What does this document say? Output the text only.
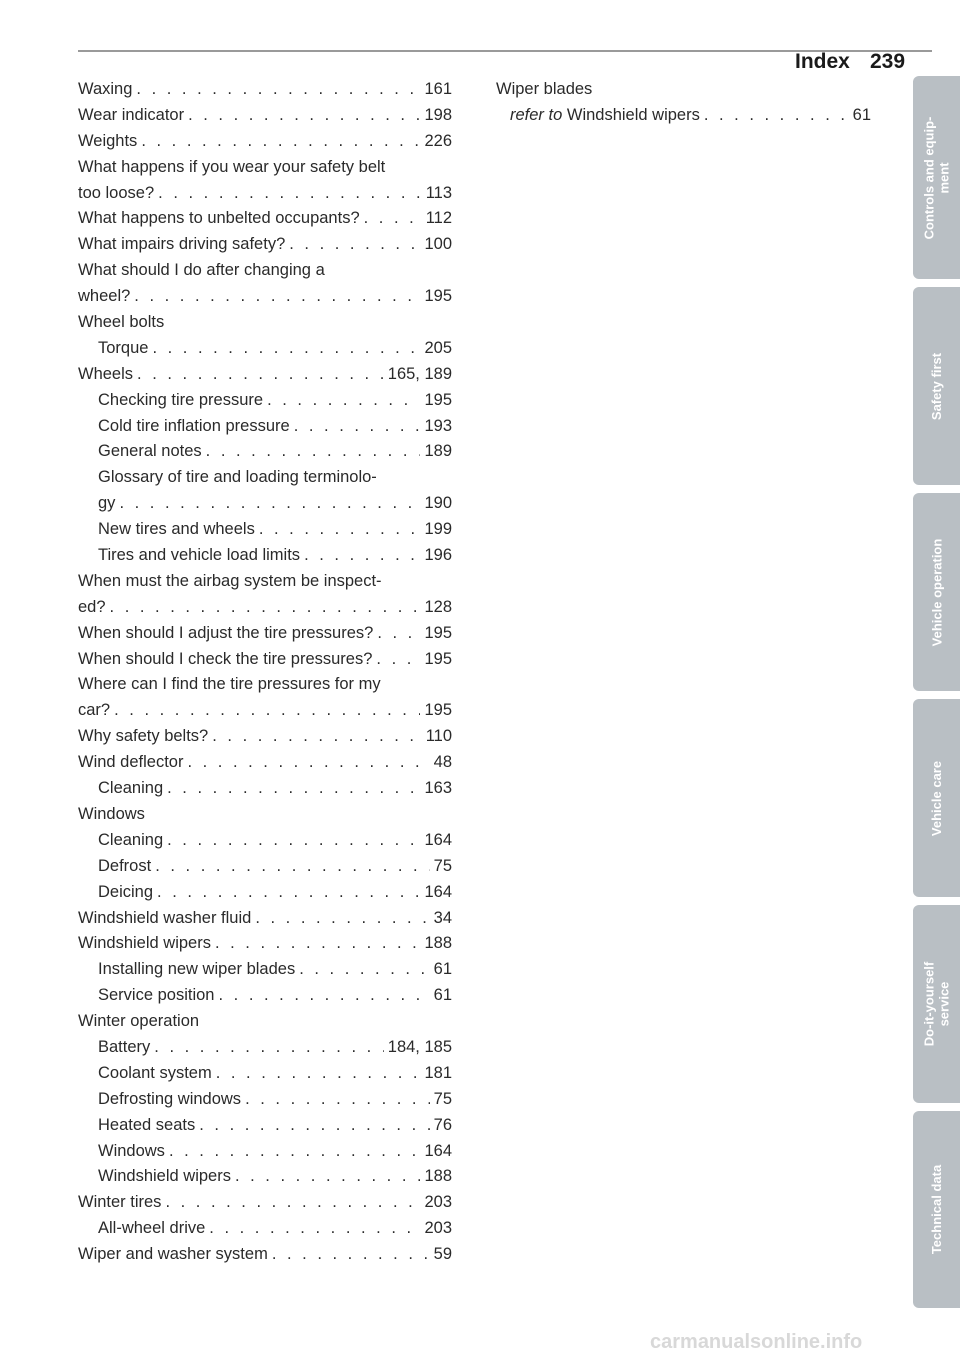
Index 239
Waxing . . .	161
Wear indicator . . .	198
Weights . . .	226
What happens if you wear your safety belt
too loose? . . .	113
What happens to unbelted occupants? . . .	112
What impairs driving safety? . . .	100
What should I do after changing a
wheel? . . .	195
Wheel bolts
Torque . . .	205
Wheels . . .	165, 189
Checking tire pressure . . .	195
Cold tire inflation pressure . . .	193
General notes . . .	189
Glossary of tire and loading terminolo-
gy . . .	190
New tires and wheels . . .	199
Tires and vehicle load limits . . .	196
When must the airbag system be inspect-
ed? . . .	128
When should I adjust the tire pressures? . . .	195
When should I check the tire pressures? . . .	195
Where can I find the tire pressures for my
car? . . .	195
Why safety belts? . . .	110
Wind deflector . . .	48
Cleaning . . .	163
Windows
Cleaning . . .	164
Defrost . . .	75
Deicing . . .	164
Windshield washer fluid . . .	34
Windshield wipers . . .	188
Installing new wiper blades . . .	61
Service position . . .	61
Winter operation
Battery . . .	184, 185
Coolant system . . .	181
Defrosting windows . . .	75
Heated seats . . .	76
Windows . . .	164
Windshield wipers . . .	188
Winter tires . . .	203
All-wheel drive . . .	203
Wiper and washer system . . .	59
Wiper blades
refer to
Windshield wipers . . .	61
Controls and equip-
ment
Safety first
Vehicle operation
Vehicle care
Do-it-yourself
service
Technical data
carmanualsonline.info
